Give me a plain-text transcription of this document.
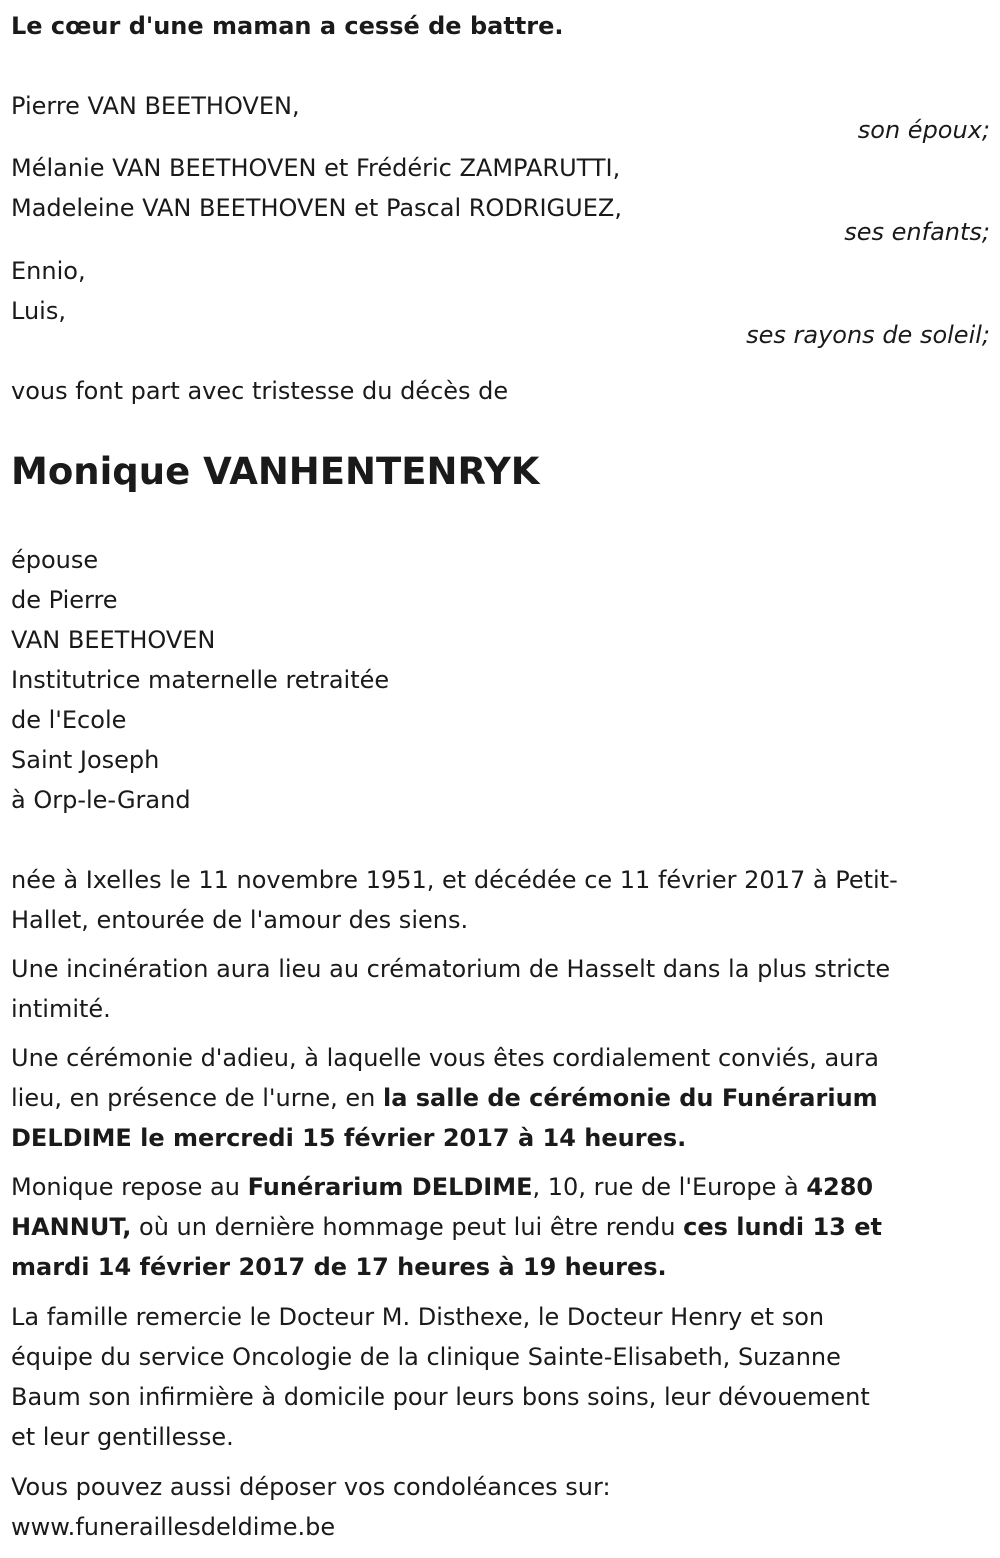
Le cœur d'une maman a cessé de battre.
Pierre VAN BEETHOVEN,
son époux;
Mélanie VAN BEETHOVEN et Frédéric ZAMPARUTTI,
Madeleine VAN BEETHOVEN et Pascal RODRIGUEZ,
ses enfants;
Ennio,
Luis,
ses rayons de soleil;
vous font part avec tristesse du décès de
Monique VANHENTENRYK
épouse
de Pierre
VAN BEETHOVEN
Institutrice maternelle retraitée
de l'Ecole
Saint Joseph
à Orp-le-Grand
née à Ixelles le 11 novembre 1951, et décédée ce 11 février 2017 à Petit-
Hallet, entourée de l'amour des siens.
Une incinération aura lieu au crématorium de Hasselt dans la plus stricte
intimité.
Une cérémonie d'adieu, à laquelle vous êtes cordialement conviés, aura
lieu, en présence de l'urne, en la salle de cérémonie du Funérarium
DELDIME le mercredi 15 février 2017 à 14 heures.
Monique repose au Funérarium DELDIME, 10, rue de l'Europe à 4280
HANNUT, où un dernière hommage peut lui être rendu ces lundi 13 et
mardi 14 février 2017 de 17 heures à 19 heures.
La famille remercie le Docteur M. Disthexe, le Docteur Henry et son
équipe du service Oncologie de la clinique Sainte-Elisabeth, Suzanne
Baum son infirmière à domicile pour leurs bons soins, leur dévouement
et leur gentillesse.
Vous pouvez aussi déposer vos condoléances sur:
www.funeraillesdeldime.be
